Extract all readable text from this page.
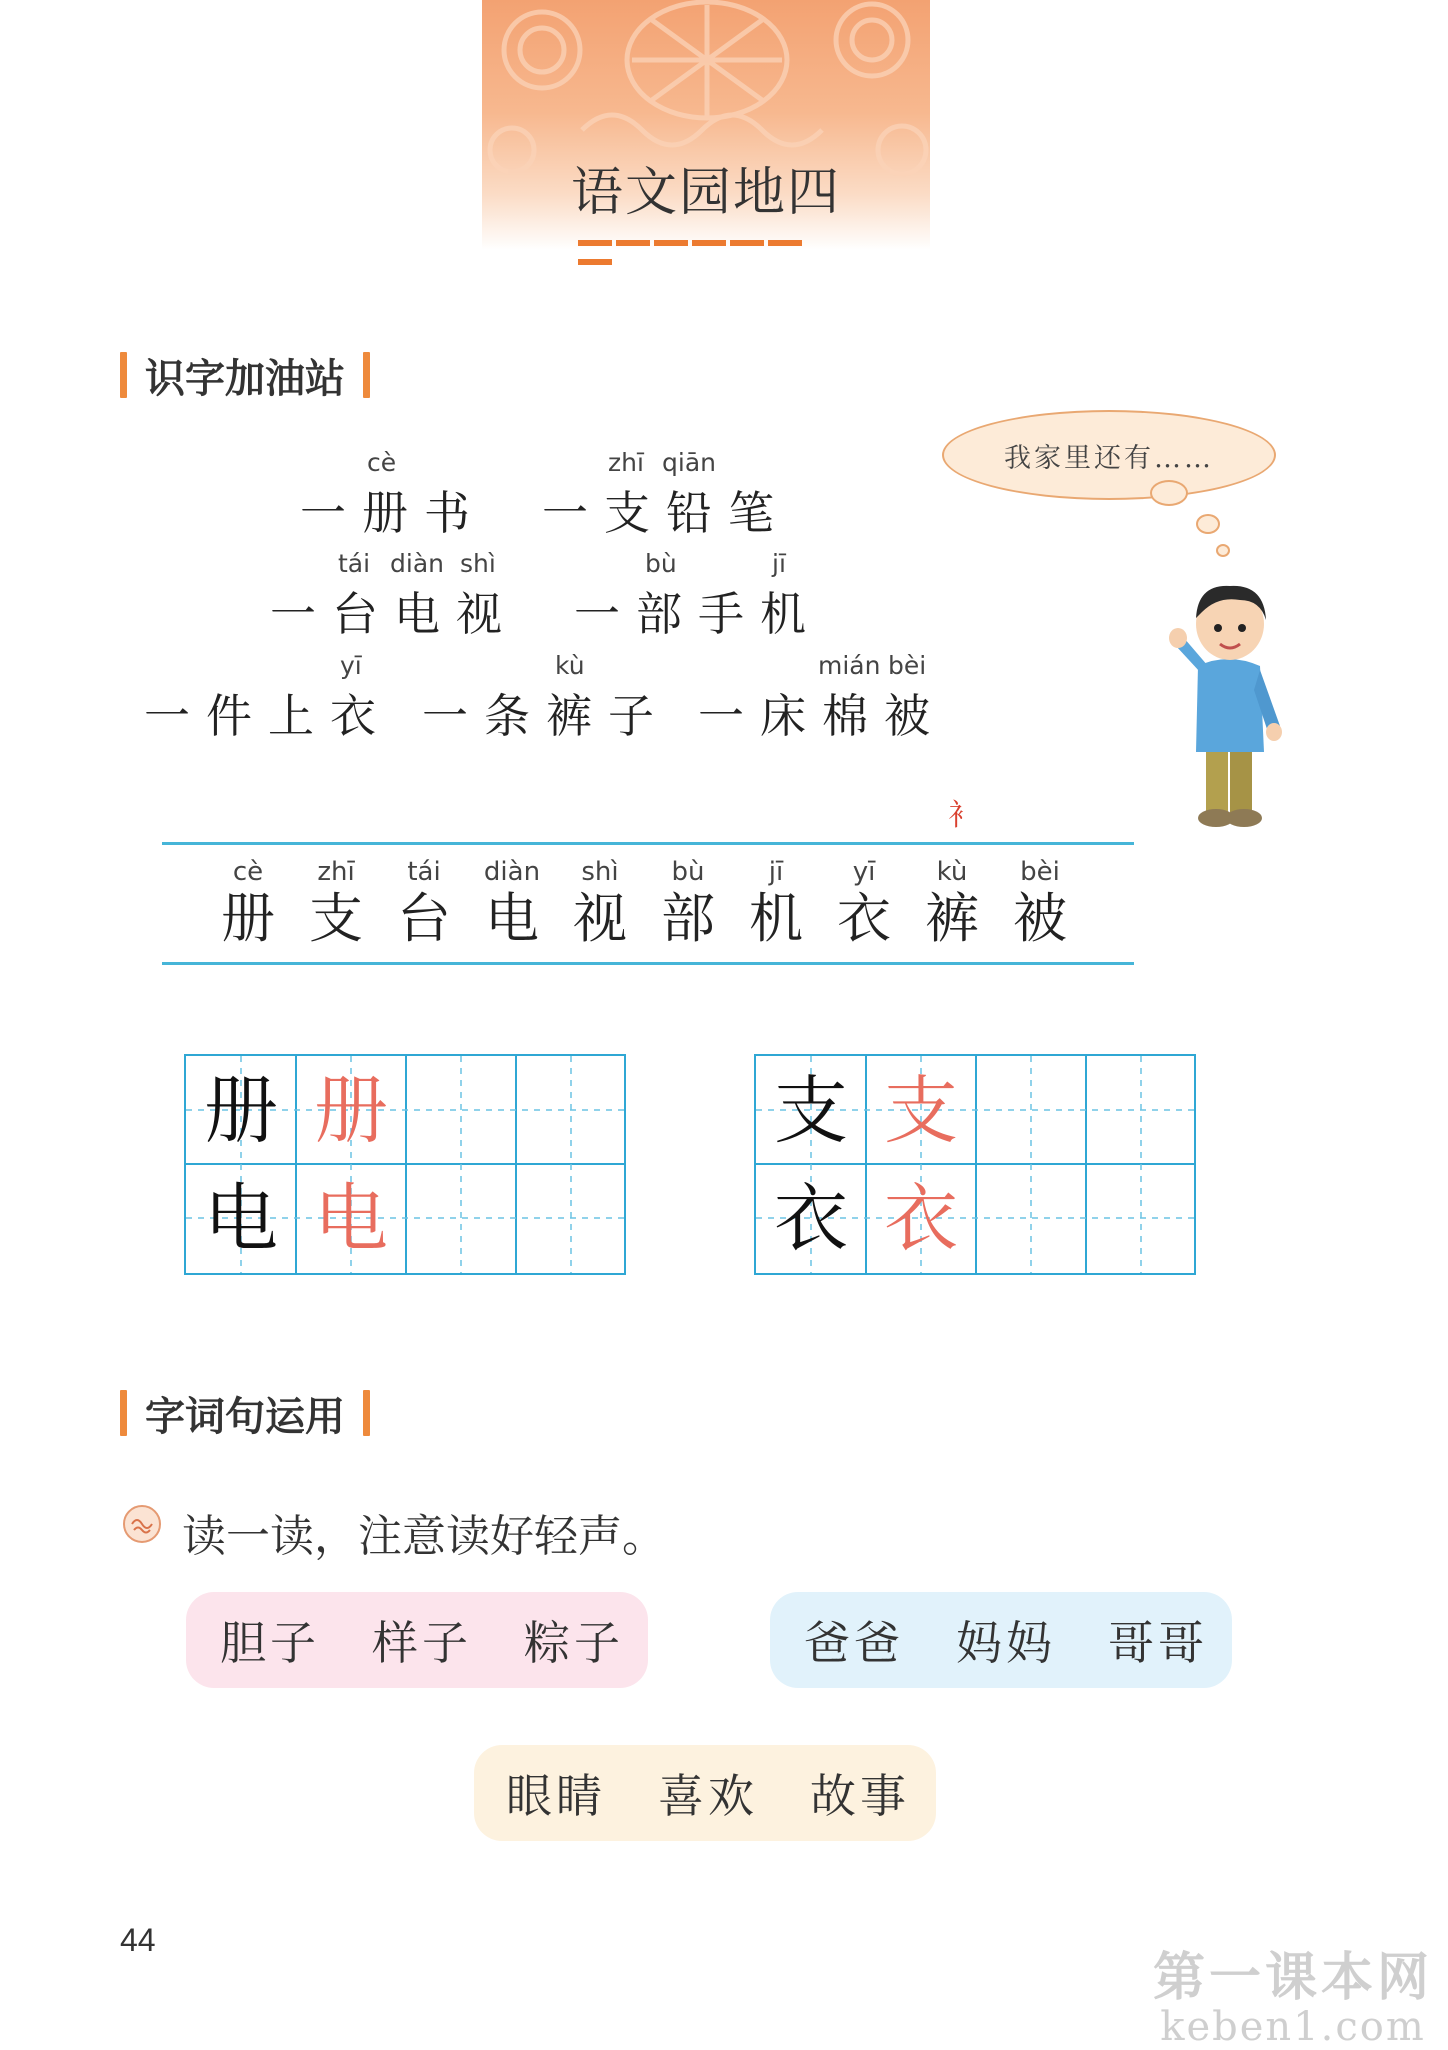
语文园地四
识字加油站
cè
一册书
zhī qiān
一支铅笔
tái diàn shì
一台电视
bù	jī
一部手机
yī
一件上衣
kù
一条裤子
mián bèi
一床棉被
我家里还有……
衤
cè
册
zhī
支
tái
台
diàn
电
shì
视
bù
部
jī
机
yī
衣
kù
裤
bèi
被
册 册
电 电
支 支
衣 衣
字词句运用
读一读，注意读好轻声。
胆子 样子 粽子	爸爸 妈妈 哥哥
眼睛 喜欢 故事
44
第一课本网
keben1.com
